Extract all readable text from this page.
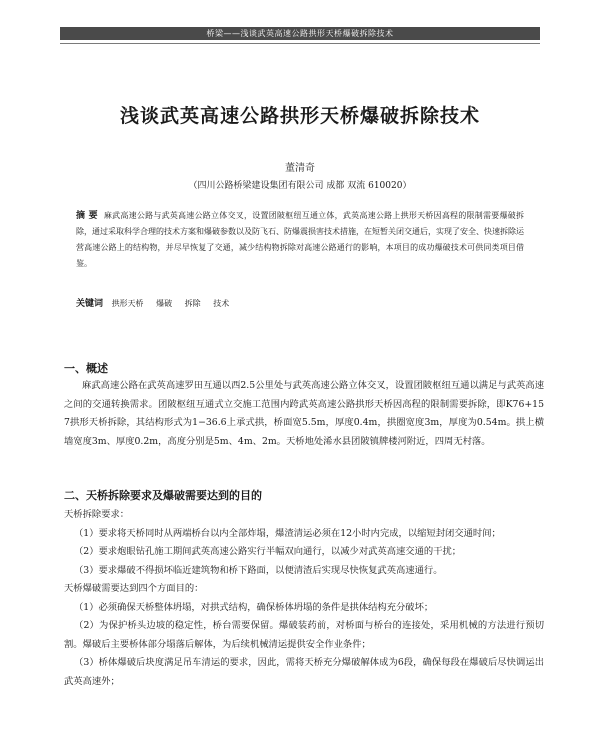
桥梁——浅谈武英高速公路拱形天桥爆破拆除技术
浅谈武英高速公路拱形天桥爆破拆除技术
董清奇
（四川公路桥梁建设集团有限公司 成都 双流 610020）
摘 要 麻武高速公路与武英高速公路立体交叉，设置团陂枢纽互通立体，武英高速公路上拱形天桥因高程的限制需要爆破拆除，通过采取科学合理的技术方案和爆破参数以及防飞石、防爆震损害技术措施，在短暂关闭交通后，实现了安全、快速拆除运营高速公路上的结构物，并尽早恢复了交通，减少结构物拆除对高速公路通行的影响，本项目的成功爆破技术可供同类项目借鉴。
关键词 拱形天桥 爆破 拆除 技术
一、概述
麻武高速公路在武英高速罗田互通以西2.5公里处与武英高速公路立体交叉，设置团陂枢纽互通以满足与武英高速之间的交通转换需求。团陂枢纽互通式立交施工范围内跨武英高速公路拱形天桥因高程的限制需要拆除，即K76+157拱形天桥拆除，其结构形式为1−36.6上承式拱，桥面宽5.5m，厚度0.4m，拱圈宽度3m，厚度为0.54m。拱上横墙宽度3m、厚度0.2m，高度分别是5m、4m、2m。天桥地处浠水县团陂镇牌楼河附近，四周无村落。
二、天桥拆除要求及爆破需要达到的目的

天桥拆除要求：

（1）要求将天桥同时从两端桥台以内全部炸塌，爆渣清运必须在12小时内完成，以缩短封闭交通时间；

（2）要求炮眼钻孔施工期间武英高速公路实行半幅双向通行，以减少对武英高速交通的干扰；

（3）要求爆破不得损坏临近建筑物和桥下路面，以便清渣后实现尽快恢复武英高速通行。

天桥爆破需要达到四个方面目的：

（1）必须确保天桥整体坍塌，对拱式结构，确保桥体坍塌的条件是拱体结构充分破坏；

（2）为保护桥头边坡的稳定性，桥台需要保留。爆破装药前，对桥面与桥台的连接处，采用机械的方法进行预切割。爆破后主要桥体部分塌落后解体，为后续机械清运提供安全作业条件；

（3）桥体爆破后块度满足吊车清运的要求，因此，需将天桥充分爆破解体成为6段，确保每段在爆破后尽快调运出武英高速外；
